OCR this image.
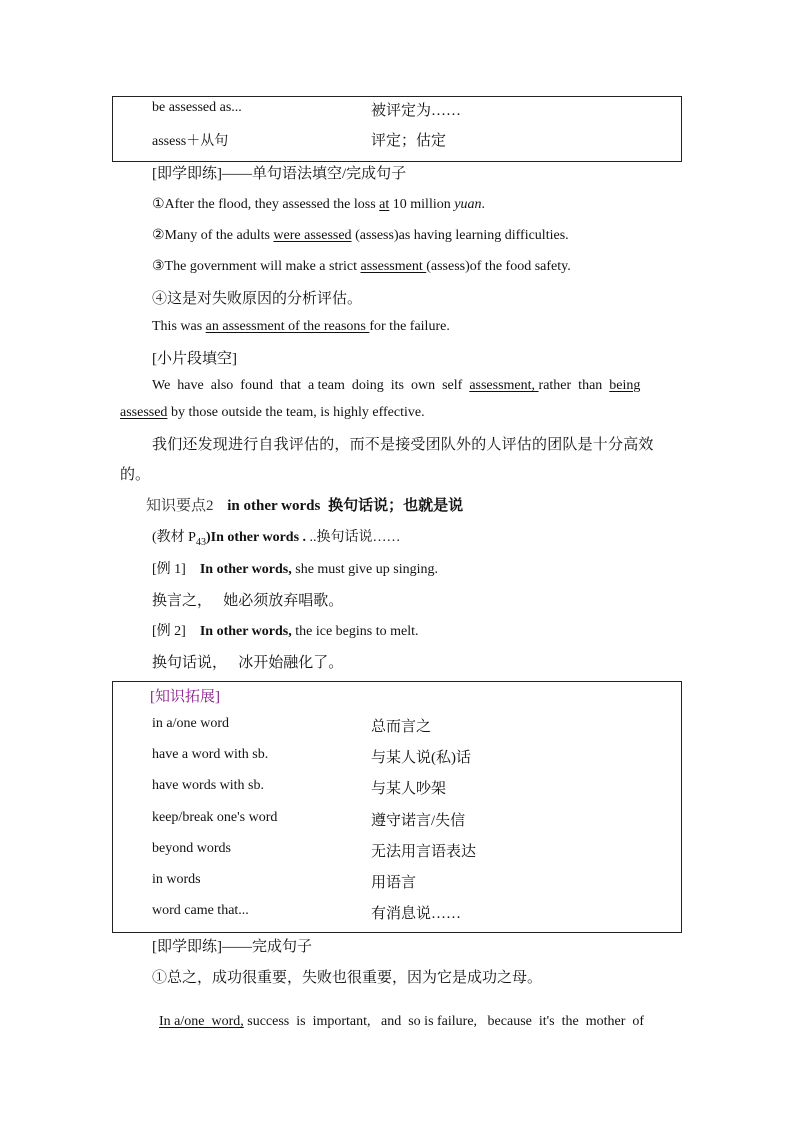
be assessed as...	被评定为……
assess＋从句	评定；估定
[即学即练]——单句语法填空/完成句子
①After the flood, they assessed the loss at 10 million yuan.
②Many of the adults were assessed (assess)as having learning difficulties.
③The government will make a strict assessment (assess)of the food safety.
④这是对失败原因的分析评估。
This was an assessment of the reasons for the failure.
[小片段填空]
We  have  also  found  that  a team  doing  its  own  self  assessment, rather  than  being
assessed by those outside the team, is highly effective.
我们还发现进行自我评估的，而不是接受团队外的人评估的团队是十分高效
的。
知识要点2 in other words 换句话说；也就是说
(教材 $P_{43})In$ other words . ..换句话说……
[例 1] In other words, she must give up singing.
换言之，   她必须放弃唱歌。
[例 2] In other words, the ice begins to melt.
换句话说，   冰开始融化了。
[知识拓展]
in a/one word	总而言之
have a word with sb.	与某人说(私)话
have words with sb.	与某人吵架
keep/break one's word	遵守诺言/失信
beyond words	无法用言语表达
in words	用语言
word came that...	有消息说……
[即学即练]——完成句子
①总之，成功很重要，失败也很重要，因为它是成功之母。

In a/one  word, success  is  important,   and  so is failure,   because  it's  the  mother  of
